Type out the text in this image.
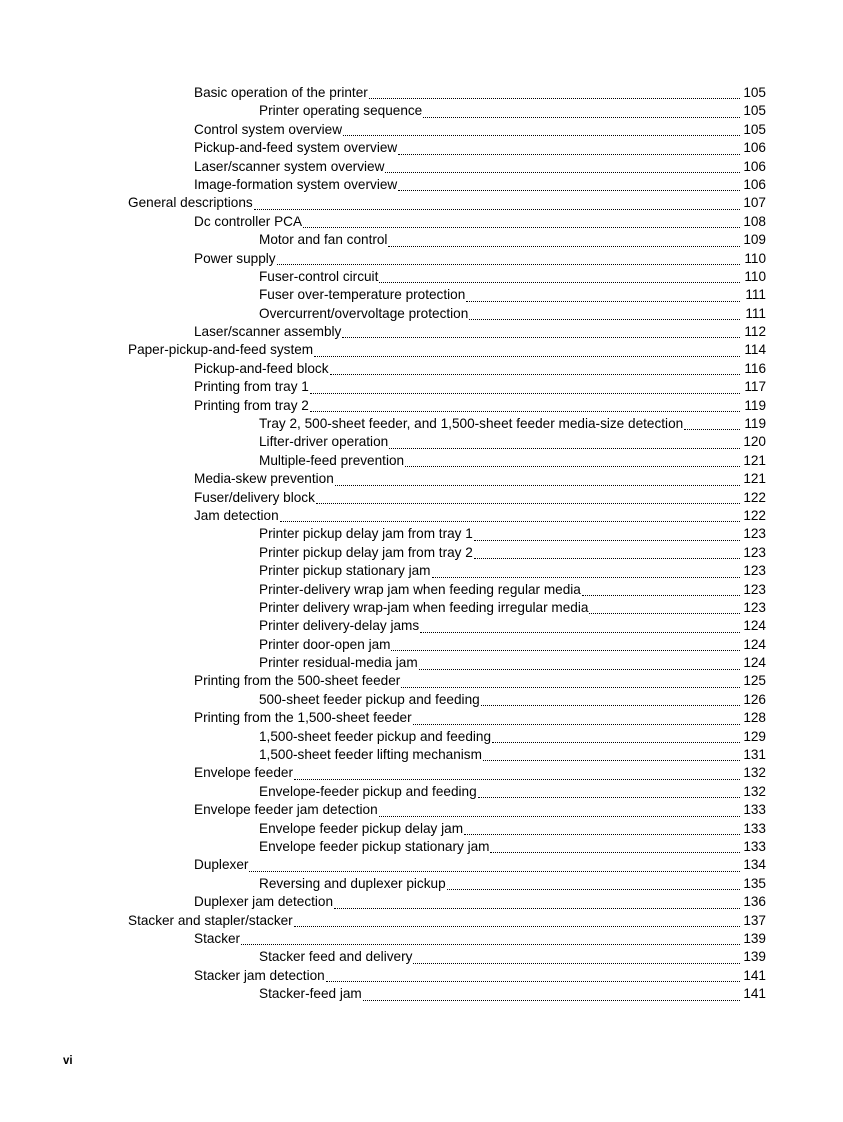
Basic operation of the printer	105
Printer operating sequence	105
Control system overview	105
Pickup-and-feed system overview	106
Laser/scanner system overview	106
Image-formation system overview	106
General descriptions	107
Dc controller PCA	108
Motor and fan control	109
Power supply	110
Fuser-control circuit	110
Fuser over-temperature protection	111
Overcurrent/overvoltage protection	111
Laser/scanner assembly	112
Paper-pickup-and-feed system	114
Pickup-and-feed block	116
Printing from tray 1	117
Printing from tray 2	119
Tray 2, 500-sheet feeder, and 1,500-sheet feeder media-size detection	119
Lifter-driver operation	120
Multiple-feed prevention	121
Media-skew prevention	121
Fuser/delivery block	122
Jam detection	122
Printer pickup delay jam from tray 1	123
Printer pickup delay jam from tray 2	123
Printer pickup stationary jam	123
Printer-delivery wrap jam when feeding regular media	123
Printer delivery wrap-jam when feeding irregular media	123
Printer delivery-delay jams	124
Printer door-open jam	124
Printer residual-media jam	124
Printing from the 500-sheet feeder	125
500-sheet feeder pickup and feeding	126
Printing from the 1,500-sheet feeder	128
1,500-sheet feeder pickup and feeding	129
1,500-sheet feeder lifting mechanism	131
Envelope feeder	132
Envelope-feeder pickup and feeding	132
Envelope feeder jam detection	133
Envelope feeder pickup delay jam	133
Envelope feeder pickup stationary jam	133
Duplexer	134
Reversing and duplexer pickup	135
Duplexer jam detection	136
Stacker and stapler/stacker	137
Stacker	139
Stacker feed and delivery	139
Stacker jam detection	141
Stacker-feed jam	141
vi
